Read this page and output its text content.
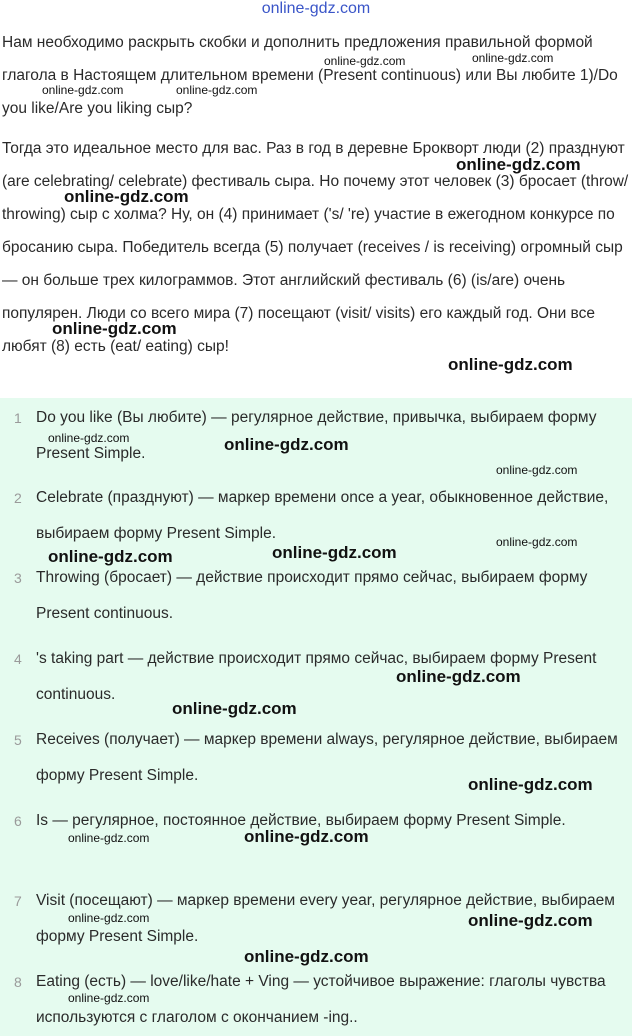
online-gdz.com

Нам необходимо раскрыть скобки и дополнить предложения правильной формой глагола в Настоящем длительном времени (Present continuous) или Вы любите 1)/Do you like/Are you liking сыр?

Тогда это идеальное место для вас. Раз в год в деревне Броквoрт люди (2) празднуют (are celebrating/ celebrate) фестиваль сыра. Но почему этот человек (3) бросает (throw/ throwing) сыр с холма? Ну, он (4) принимает ('s/ 're) участие в ежегодном конкурсе по бросанию сыра. Победитель всегда (5) получает (receives / is receiving) огромный сыр — он больше трех килограммов. Этот английский фестиваль (6) (is/are) очень популярен. Люди со всего мира (7) посещают (visit/ visits) его каждый год. Они все любят (8) есть (eat/ eating) сыр!

1 Do you like (Вы любите) — регулярное действие, привычка, выбираем форму Present Simple.

2 Celebrate (празднуют) — маркер времени once a year, обыкновенное действие, выбираем форму Present Simple.

3 Throwing (бросает) — действие происходит прямо сейчас, выбираем форму Present continuous.

4 's taking part — действие происходит прямо сейчас, выбираем форму Present continuous.

5 Receives (получает) — маркер времени always, регулярное действие, выбираем форму Present Simple.

6 Is — регулярное, постоянное действие, выбираем форму Present Simple.

7 Visit (посещают) — маркер времени every year, регулярное действие, выбираем форму Present Simple.

8 Eating (есть) — love/like/hate + Ving — устойчивое выражение: глаголы чувства используются с глаголом с окончанием -ing..

online-gdz.com	online-gdz.com
online-gdz.com	online-gdz.com
online-gdz.com
online-gdz.com
online-gdz.com
online-gdz.com
online-gdz.com	online-gdz.com
online-gdz.com
online-gdz.com
online-gdz.com	online-gdz.com
online-gdz.com
online-gdz.com
online-gdz.com
online-gdz.com	online-gdz.com
online-gdz.com	online-gdz.com
online-gdz.com
online-gdz.com
